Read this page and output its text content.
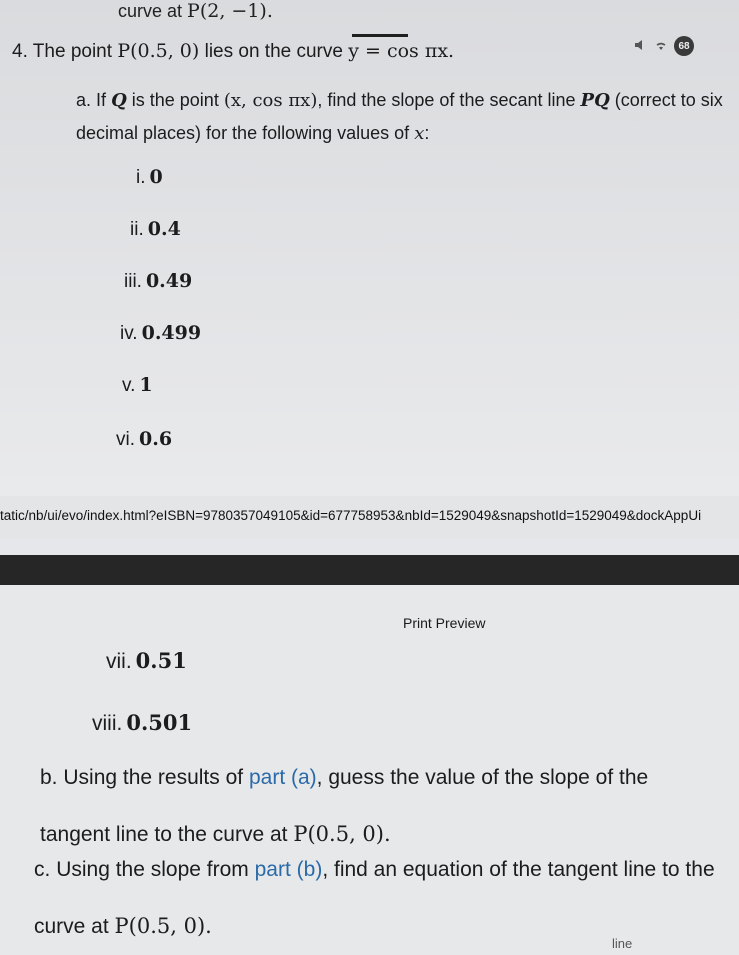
curve at P(2, −1).
68
4. The point P(0.5, 0) lies on the curve y = cos πx.
a. If Q is the point (x, cos πx), find the slope of the secant line PQ (correct to six decimal places) for the following values of x:
i. 0
ii. 0.4
iii. 0.49
iv. 0.499
v. 1
vi. 0.6
tatic/nb/ui/evo/index.html?eISBN=9780357049105&id=677758953&nbId=1529049&snapshotId=1529049&dockAppUi
Print Preview
vii. 0.51
viii. 0.501
b. Using the results of part (a), guess the value of the slope of the tangent line to the curve at P(0.5, 0).
c. Using the slope from part (b), find an equation of the tangent line to the curve at P(0.5, 0).
line
